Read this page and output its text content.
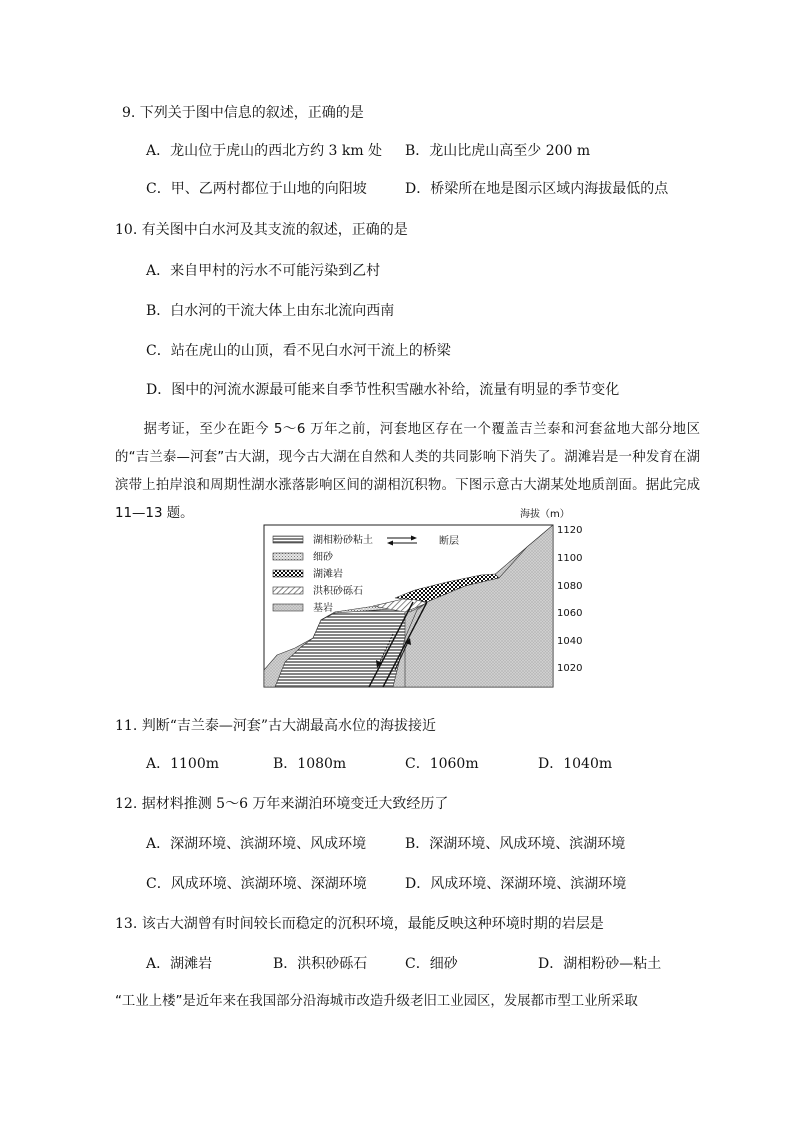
9. 下列关于图中信息的叙述，正确的是
A．龙山位于虎山的西北方约 3 km 处 B．龙山比虎山高至少 200 m
C．甲、乙两村都位于山地的向阳坡	D．桥梁所在地是图示区域内海拔最低的点
10. 有关图中白水河及其支流的叙述，正确的是
A．来自甲村的污水不可能污染到乙村
B．白水河的干流大体上由东北流向西南
C．站在虎山的山顶，看不见白水河干流上的桥梁
D．图中的河流水源最可能来自季节性积雪融水补给，流量有明显的季节变化
据考证，至少在距今 5～6 万年之前，河套地区存在一个覆盖吉兰泰和河套盆地大部分地区的“吉兰泰—河套”古大湖，现今古大湖在自然和人类的共同影响下消失了。湖滩岩是一种发育在湖滨带上拍岸浪和周期性湖水涨落影响区间的湖相沉积物。下图示意古大湖某处地质剖面。据此完成 11—13 题。
湖相粉砂粘土	断层
细砂
湖滩岩
洪积砂砾石
基岩
海拔（m）
1120
1100
1080
1060
1040
1020
11. 判断“吉兰泰—河套”古大湖最高水位的海拔接近
A．1100m	B．1080m	C．1060m	D．1040m
12. 据材料推测 5～6 万年来湖泊环境变迁大致经历了
A．深湖环境、滨湖环境、风成环境	B．深湖环境、风成环境、滨湖环境
C．风成环境、滨湖环境、深湖环境	D．风成环境、深湖环境、滨湖环境
13. 该古大湖曾有时间较长而稳定的沉积环境，最能反映这种环境时期的岩层是
A．湖滩岩	B．洪积砂砾石	C．细砂	D．湖相粉砂—粘土
“工业上楼”是近年来在我国部分沿海城市改造升级老旧工业园区，发展都市型工业所采取
